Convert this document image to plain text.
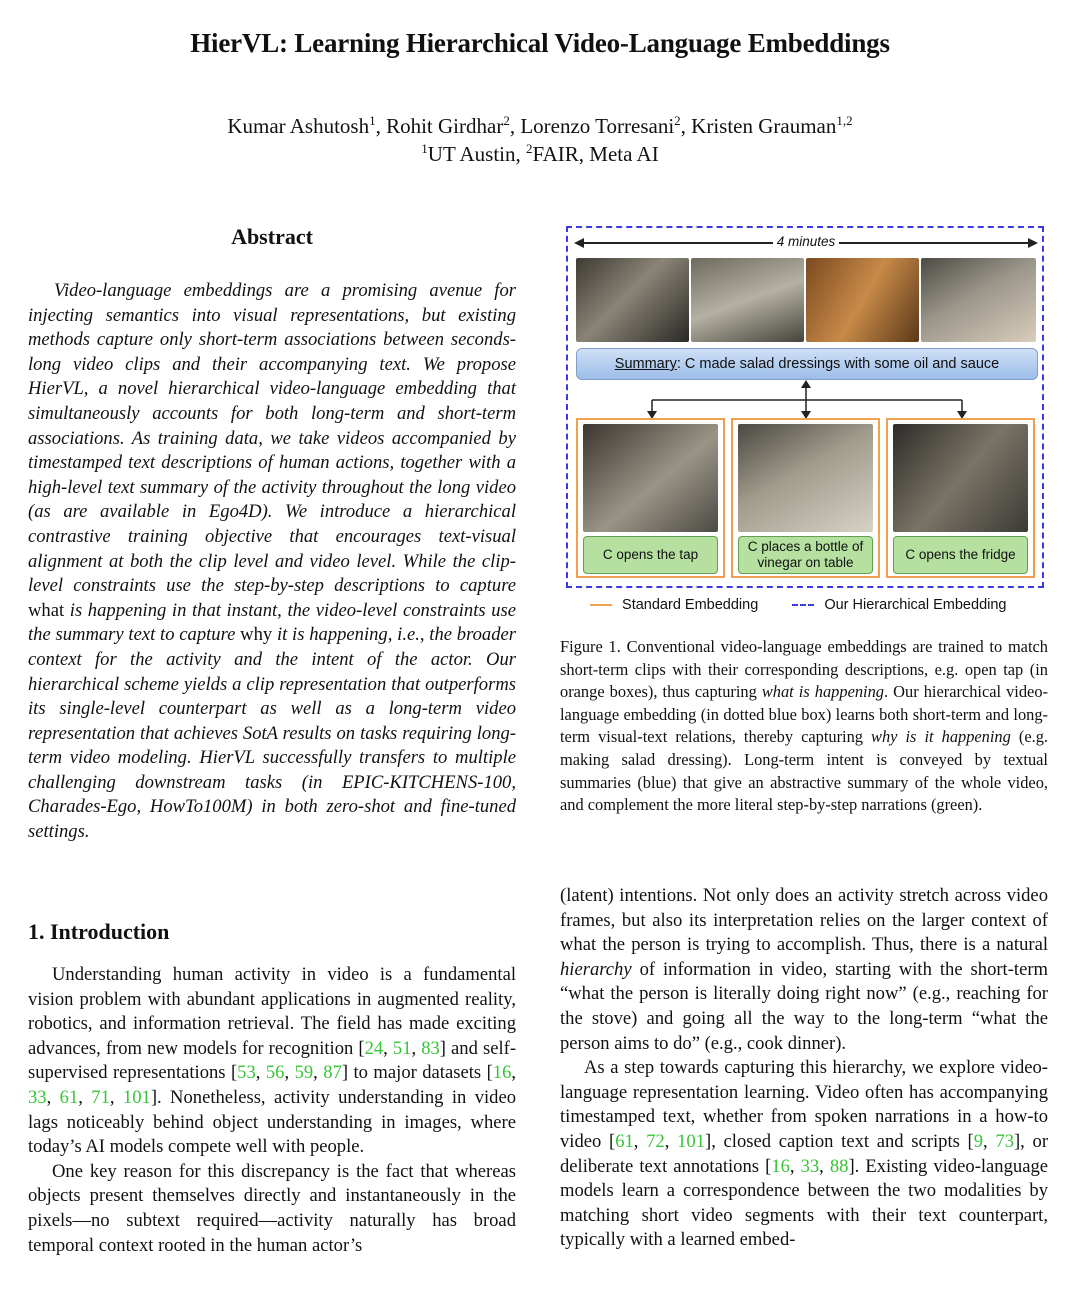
HierVL: Learning Hierarchical Video-Language Embeddings
Kumar Ashutosh$^1$, Rohit Girdhar$^2$, Lorenzo Torresani$^2$, Kristen Grauman$^{1,2}$
$^1$UT Austin, $^2$FAIR, Meta AI
Abstract
Video-language embeddings are a promising avenue for injecting semantics into visual representations, but existing methods capture only short-term associations between seconds-long video clips and their accompanying text. We propose HierVL, a novel hierarchical video-language embedding that simultaneously accounts for both long-term and short-term associations. As training data, we take videos accompanied by timestamped text descriptions of human actions, together with a high-level text summary of the activity throughout the long video (as are available in Ego4D). We introduce a hierarchical contrastive training objective that encourages text-visual alignment at both the clip level and video level. While the clip-level constraints use the step-by-step descriptions to capture what is happening in that instant, the video-level constraints use the summary text to capture why it is happening, i.e., the broader context for the activity and the intent of the actor. Our hierarchical scheme yields a clip representation that outperforms its single-level counterpart as well as a long-term video representation that achieves SotA results on tasks requiring long-term video modeling. HierVL successfully transfers to multiple challenging downstream tasks (in EPIC-KITCHENS-100, Charades-Ego, HowTo100M) in both zero-shot and fine-tuned settings.
4 minutes
Summary: C made salad dressings with some oil and sauce
C opens the tap
C places a bottle of vinegar on table
C opens the fridge
Standard Embedding	Our Hierarchical Embedding
Figure 1. Conventional video-language embeddings are trained to match short-term clips with their corresponding descriptions, e.g. open tap (in orange boxes), thus capturing what is happening. Our hierarchical video-language embedding (in dotted blue box) learns both short-term and long-term visual-text relations, thereby capturing why is it happening (e.g. making salad dressing). Long-term intent is conveyed by textual summaries (blue) that give an abstractive summary of the whole video, and complement the more literal step-by-step narrations (green).
1. Introduction

Understanding human activity in video is a fundamental vision problem with abundant applications in augmented reality, robotics, and information retrieval. The field has made exciting advances, from new models for recognition [24, 51, 83] and self-supervised representations [53, 56, 59, 87] to major datasets [16, 33, 61, 71, 101]. Nonetheless, activity understanding in video lags noticeably behind object understanding in images, where today’s AI models compete well with people.

One key reason for this discrepancy is the fact that whereas objects present themselves directly and instantaneously in the pixels—no subtext required—activity naturally has broad temporal context rooted in the human actor’s

(latent) intentions. Not only does an activity stretch across video frames, but also its interpretation relies on the larger context of what the person is trying to accomplish. Thus, there is a natural hierarchy of information in video, starting with the short-term “what the person is literally doing right now” (e.g., reaching for the stove) and going all the way to the long-term “what the person aims to do” (e.g., cook dinner).

As a step towards capturing this hierarchy, we explore video-language representation learning. Video often has accompanying timestamped text, whether from spoken narrations in a how-to video [61, 72, 101], closed caption text and scripts [9, 73], or deliberate text annotations [16, 33, 88]. Existing video-language models learn a correspondence between the two modalities by matching short video segments with their text counterpart, typically with a learned embed-
